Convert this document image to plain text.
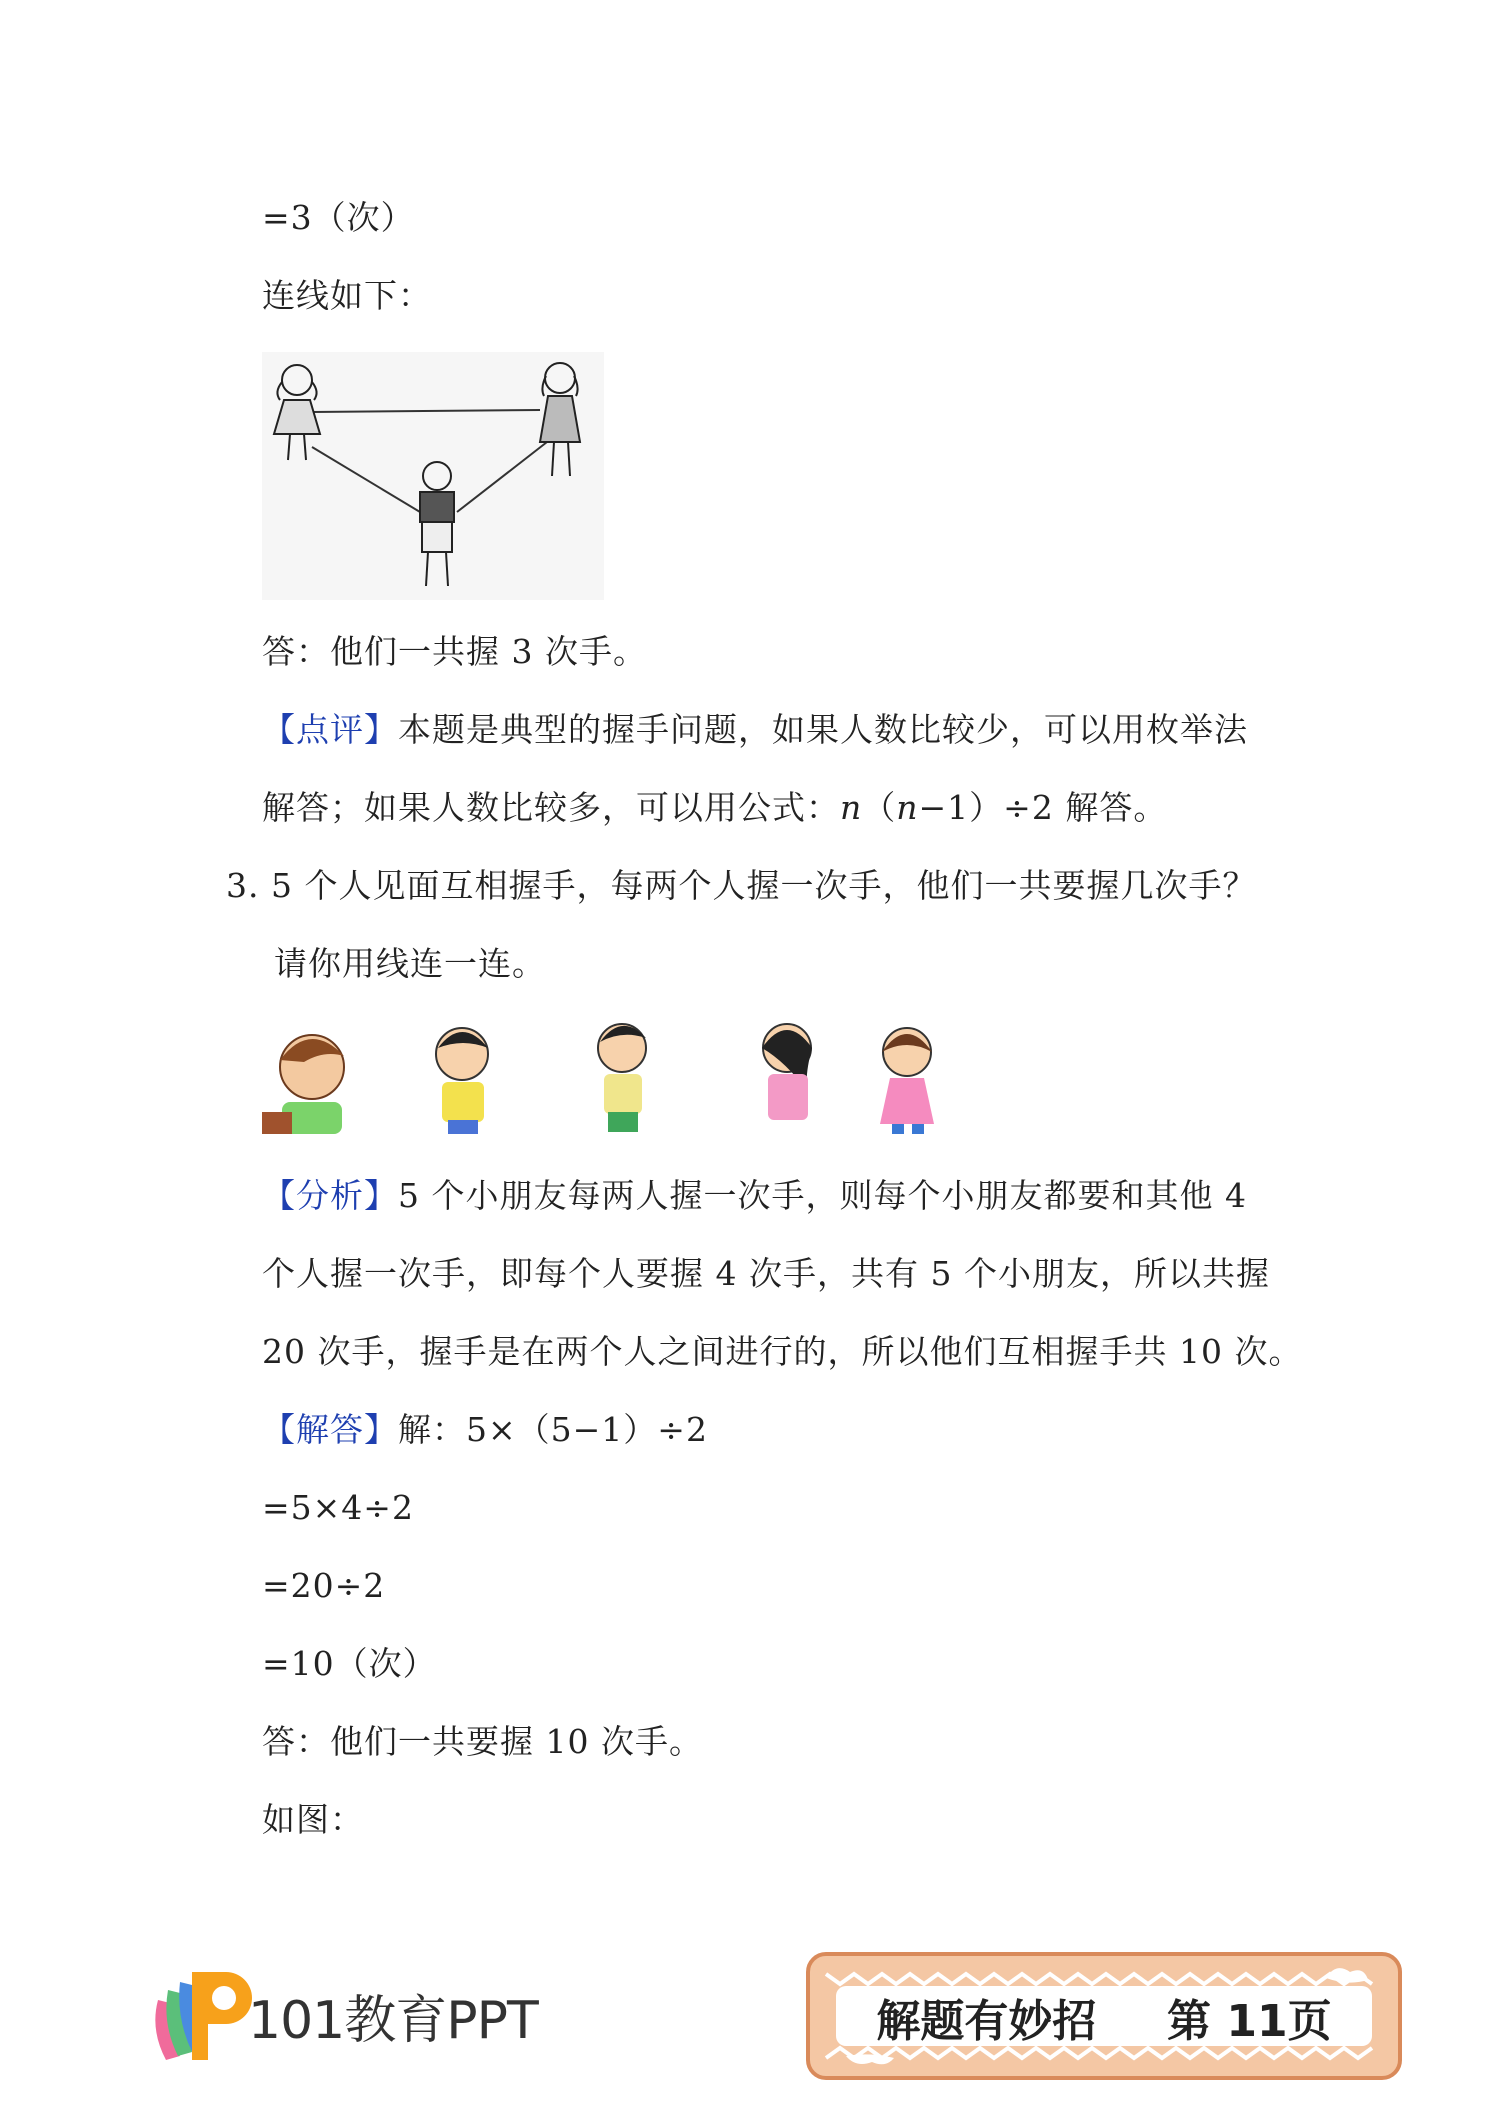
=3（次）
连线如下：
答：他们一共握 3 次手。
【点评】本题是典型的握手问题，如果人数比较少，可以用枚举法
解答；如果人数比较多，可以用公式：n（n−1）÷2 解答。
3. 5 个人见面互相握手，每两个人握一次手，他们一共要握几次手？
请你用线连一连。
【分析】5 个小朋友每两人握一次手，则每个小朋友都要和其他 4
个人握一次手，即每个人要握 4 次手，共有 5 个小朋友，所以共握
20 次手，握手是在两个人之间进行的，所以他们互相握手共 10 次。
【解答】解：5×（5−1）÷2
=5×4÷2
=20÷2
=10（次）
答：他们一共要握 10 次手。
如图：
101教育PPT	解题有妙招 第 11页
